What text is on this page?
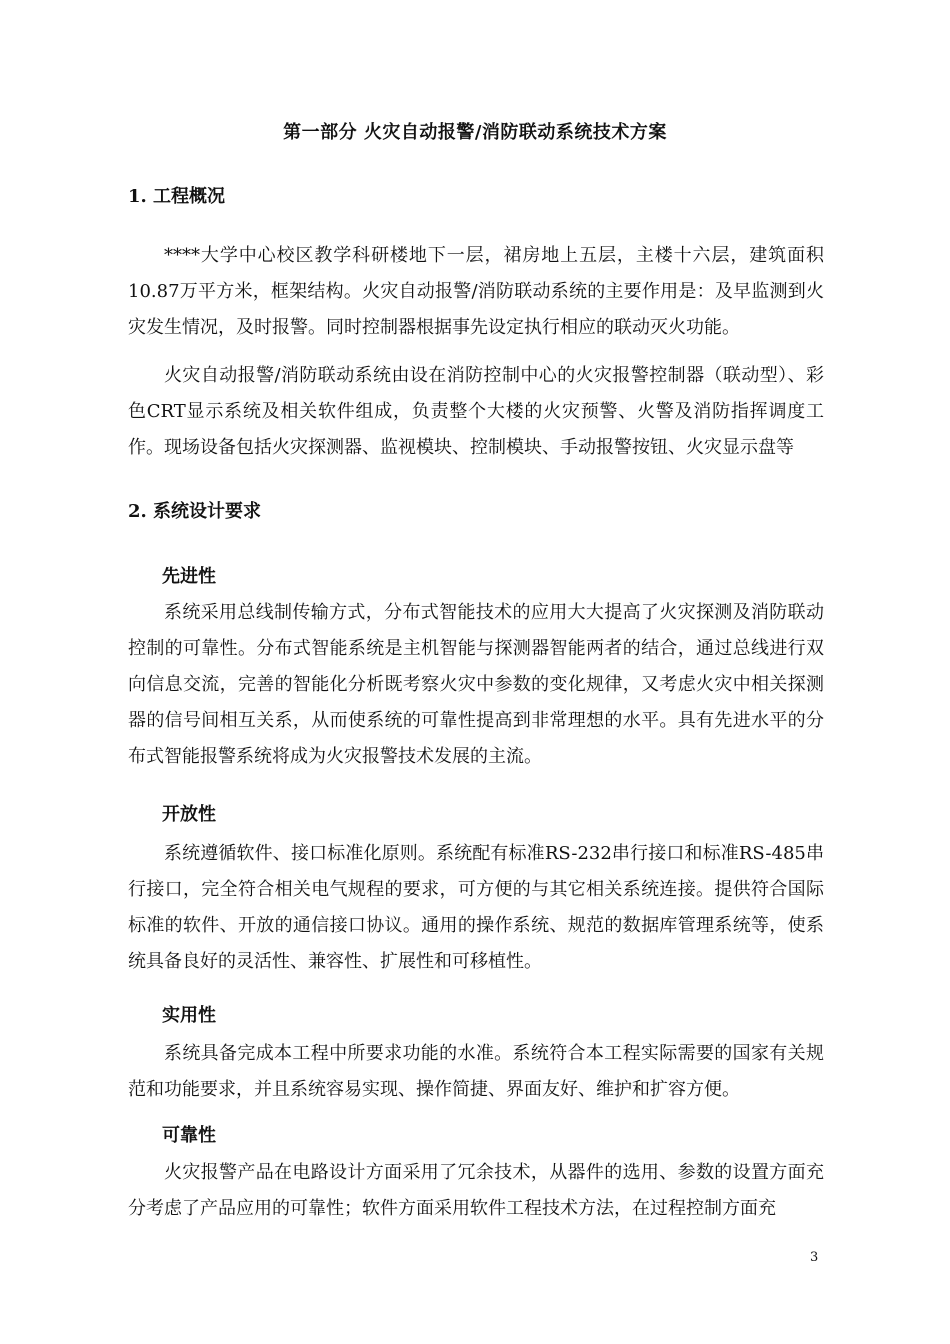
第一部分 火灾自动报警/消防联动系统技术方案
1. 工程概况

****大学中心校区教学科研楼地下一层，裙房地上五层，主楼十六层，建筑面积10.87万平方米，框架结构。火灾自动报警/消防联动系统的主要作用是：及早监测到火灾发生情况，及时报警。同时控制器根据事先设定执行相应的联动灭火功能。

火灾自动报警/消防联动系统由设在消防控制中心的火灾报警控制器（联动型）、彩色CRT显示系统及相关软件组成，负责整个大楼的火灾预警、火警及消防指挥调度工作。现场设备包括火灾探测器、监视模块、控制模块、手动报警按钮、火灾显示盘等

2. 系统设计要求
先进性

系统采用总线制传输方式，分布式智能技术的应用大大提高了火灾探测及消防联动控制的可靠性。分布式智能系统是主机智能与探测器智能两者的结合，通过总线进行双向信息交流，完善的智能化分析既考察火灾中参数的变化规律，又考虑火灾中相关探测器的信号间相互关系，从而使系统的可靠性提高到非常理想的水平。具有先进水平的分布式智能报警系统将成为火灾报警技术发展的主流。

开放性

系统遵循软件、接口标准化原则。系统配有标准RS-232串行接口和标准RS-485串行接口，完全符合相关电气规程的要求，可方便的与其它相关系统连接。提供符合国际标准的软件、开放的通信接口协议。通用的操作系统、规范的数据库管理系统等，使系统具备良好的灵活性、兼容性、扩展性和可移植性。

实用性

系统具备完成本工程中所要求功能的水准。系统符合本工程实际需要的国家有关规范和功能要求，并且系统容易实现、操作简捷、界面友好、维护和扩容方便。

可靠性

火灾报警产品在电路设计方面采用了冗余技术，从器件的选用、参数的设置方面充分考虑了产品应用的可靠性；软件方面采用软件工程技术方法，在过程控制方面充

3
